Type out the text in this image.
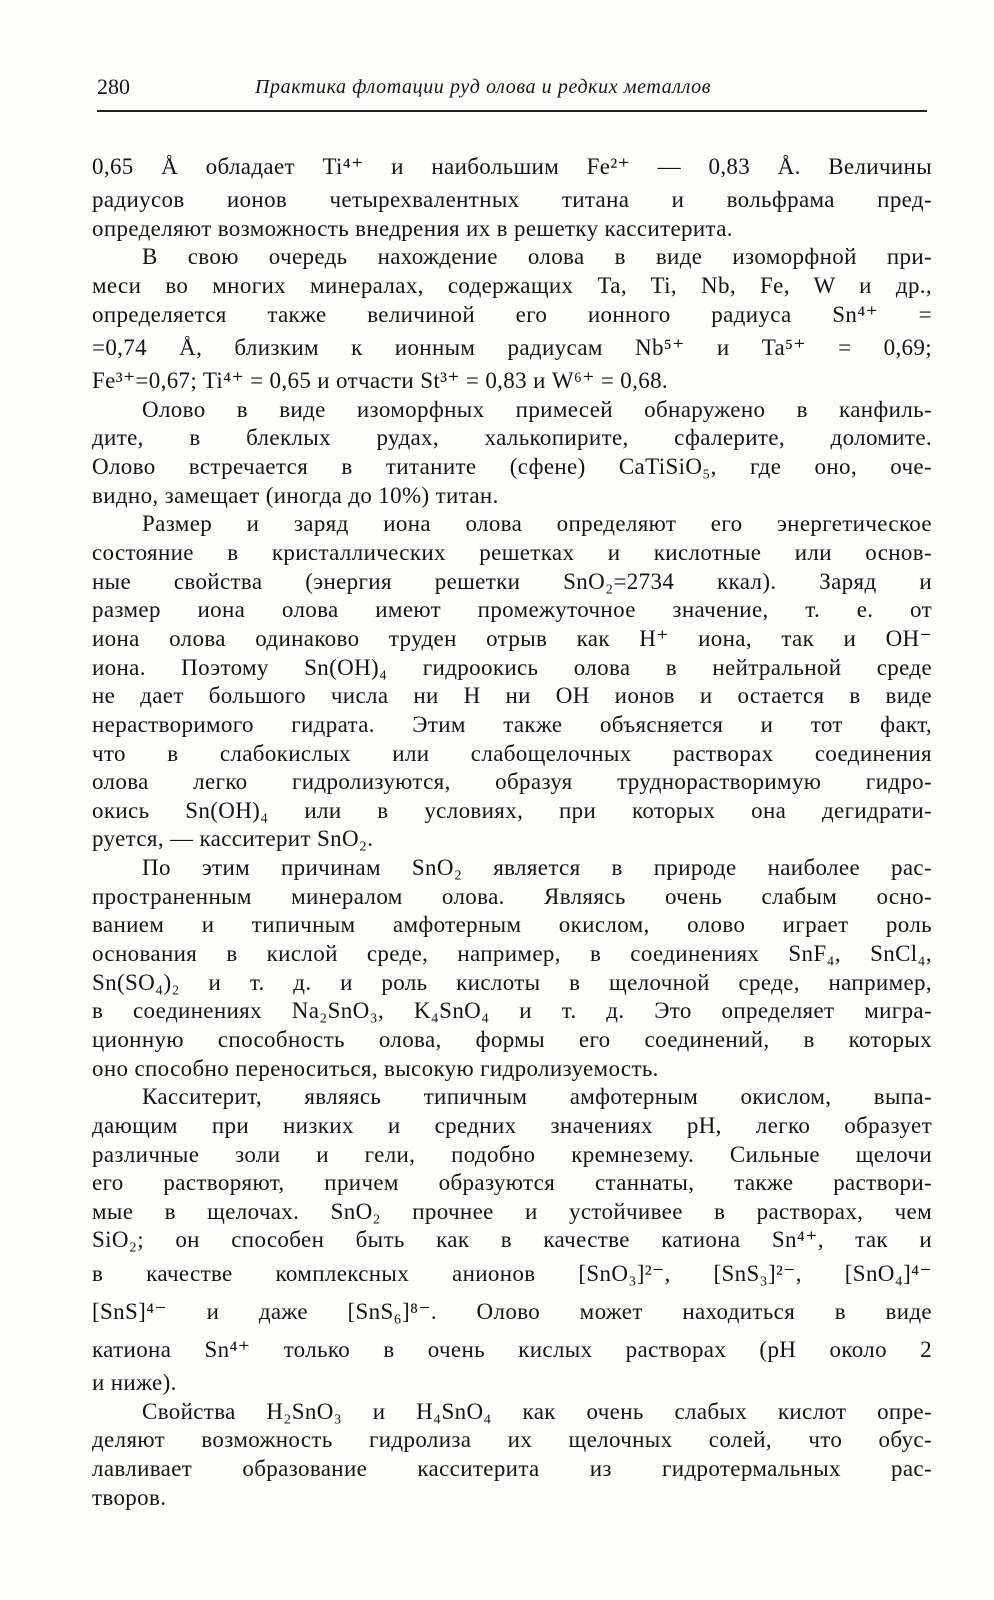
280	Практика флотации руд олова и редких металлов
0,65 Å обладает Ti⁴⁺ и наибольшим Fe²⁺ — 0,83 Å. Величины
радиусов ионов четырехвалентных титана и вольфрама пред-
определяют возможность внедрения их в решетку касситерита.
В свою очередь нахождение олова в виде изоморфной при-
меси во многих минералах, содержащих Ta, Ti, Nb, Fe, W и др.,
определяется также величиной его ионного радиуса Sn⁴⁺ =
=0,74 Å, близким к ионным радиусам Nb⁵⁺ и Ta⁵⁺ = 0,69;
Fe³⁺=0,67; Ti⁴⁺ = 0,65 и отчасти St³⁺ = 0,83 и W⁶⁺ = 0,68.
Олово в виде изоморфных примесей обнаружено в канфиль-
дите, в блеклых рудах, халькопирите, сфалерите, доломите.
Олово встречается в титаните (сфене) CaTiSiO₅, где оно, оче-
видно, замещает (иногда до 10%) титан.
Размер и заряд иона олова определяют его энергетическое
состояние в кристаллических решетках и кислотные или основ-
ные свойства (энергия решетки SnO₂=2734 ккал). Заряд и
размер иона олова имеют промежуточное значение, т. е. от
иона олова одинаково труден отрыв как H⁺ иона, так и OH⁻
иона. Поэтому Sn(OH)₄ гидроокись олова в нейтральной среде
не дает большого числа ни H ни OH ионов и остается в виде
нерастворимого гидрата. Этим также объясняется и тот факт,
что в слабокислых или слабощелочных растворах соединения
олова легко гидролизуются, образуя труднорастворимую гидро-
окись Sn(OH)₄ или в условиях, при которых она дегидрати-
руется, — касситерит SnO₂.
По этим причинам SnO₂ является в природе наиболее рас-
пространенным минералом олова. Являясь очень слабым осно-
ванием и типичным амфотерным окислом, олово играет роль
основания в кислой среде, например, в соединениях SnF₄, SnCl₄,
Sn(SO₄)₂ и т. д. и роль кислоты в щелочной среде, например,
в соединениях Na₂SnO₃, K₄SnO₄ и т. д. Это определяет мигра-
ционную способность олова, формы его соединений, в которых
оно способно переноситься, высокую гидролизуемость.
Касситерит, являясь типичным амфотерным окислом, выпа-
дающим при низких и средних значениях pH, легко образует
различные золи и гели, подобно кремнезему. Сильные щелочи
его растворяют, причем образуются станнаты, также раствори-
мые в щелочах. SnO₂ прочнее и устойчивее в растворах, чем
SiO₂; он способен быть как в качестве катиона Sn⁴⁺, так и
в качестве комплексных анионов [SnO₃]²⁻, [SnS₃]²⁻, [SnO₄]⁴⁻
[SnS]⁴⁻ и даже [SnS₆]⁸⁻. Олово может находиться в виде
катиона Sn⁴⁺ только в очень кислых растворах (pH около 2
и ниже).
Свойства H₂SnO₃ и H₄SnO₄ как очень слабых кислот опре-
деляют возможность гидролиза их щелочных солей, что обус-
лавливает образование касситерита из гидротермальных рас-
творов.
